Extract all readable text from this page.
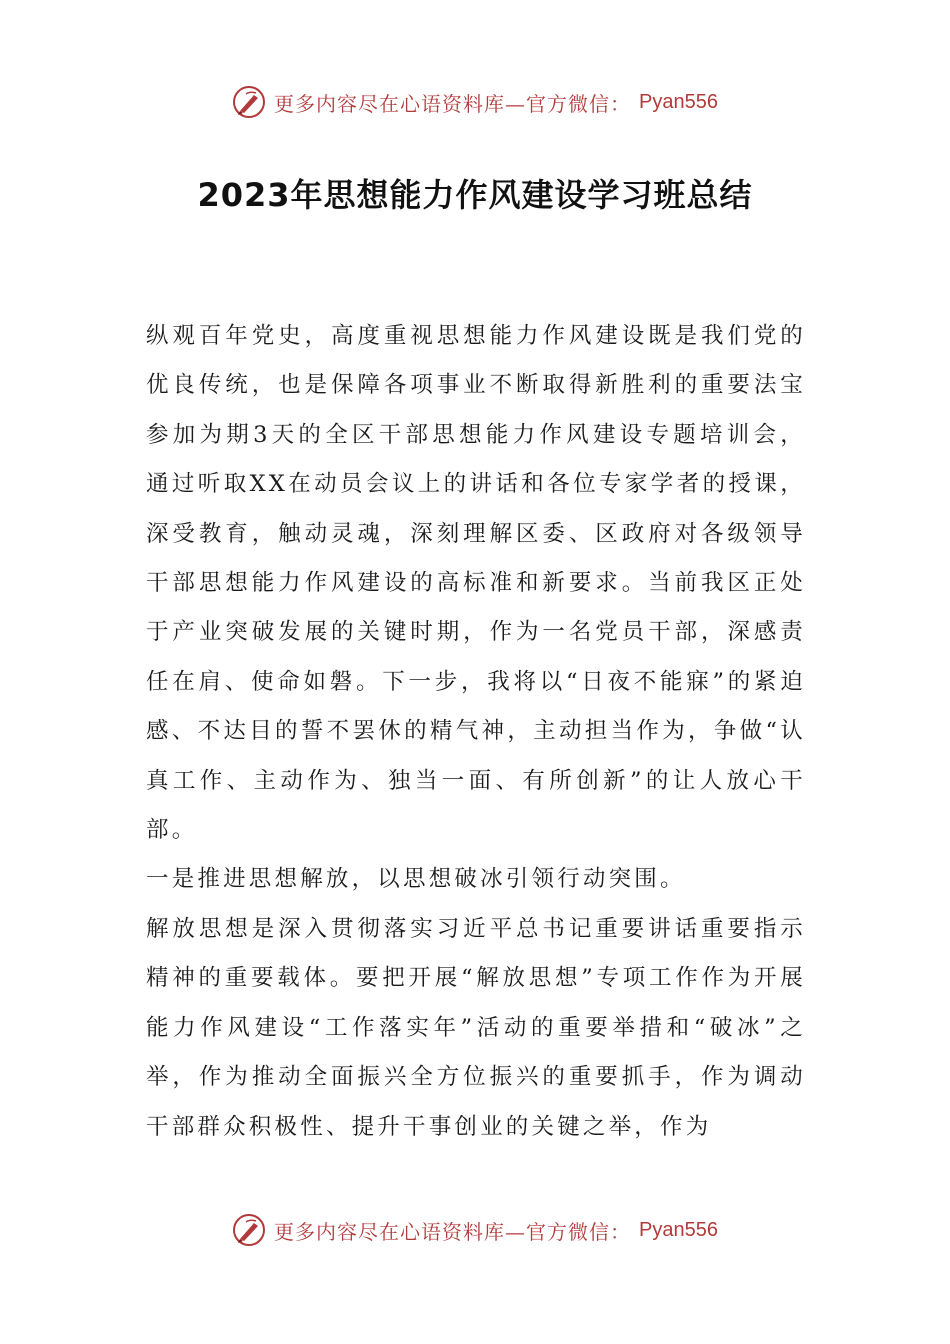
更多内容尽在心语资料库—官方微信： Pyan556
2023年思想能力作风建设学习班总结

纵观百年党史，高度重视思想能力作风建设既是我们党的优良传统，也是保障各项事业不断取得新胜利的重要法宝参加为期3天的全区干部思想能力作风建设专题培训会，通过听取XX在动员会议上的讲话和各位专家学者的授课，深受教育，触动灵魂，深刻理解区委、区政府对各级领导干部思想能力作风建设的高标准和新要求。当前我区正处于产业突破发展的关键时期，作为一名党员干部，深感责任在肩、使命如磐。下一步，我将以“日夜不能寐”的紧迫感、不达目的誓不罢休的精气神，主动担当作为，争做“认真工作、主动作为、独当一面、有所创新”的让人放心干部。

一是推进思想解放，以思想破冰引领行动突围。

解放思想是深入贯彻落实习近平总书记重要讲话重要指示精神的重要载体。要把开展“解放思想”专项工作作为开展能力作风建设“工作落实年”活动的重要举措和“破冰”之举，作为推动全面振兴全方位振兴的重要抓手，作为调动干部群众积极性、提升干事创业的关键之举，作为

更多内容尽在心语资料库—官方微信： Pyan556
